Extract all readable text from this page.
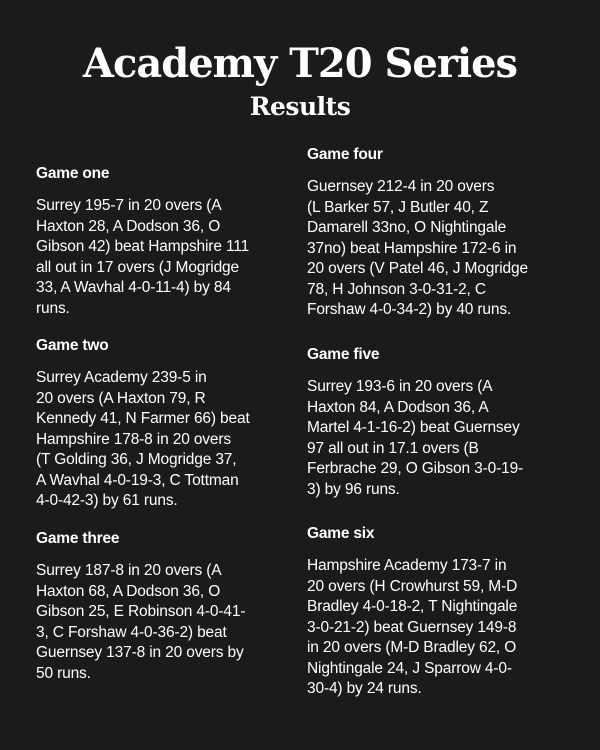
Academy T20 Series
Results
Game one

Surrey 195-7 in 20 overs (A
Haxton 28, A Dodson 36, O
Gibson 42) beat Hampshire 111
all out in 17 overs (J Mogridge
33, A Wavhal 4-0-11-4) by 84
runs.

Game two

Surrey Academy 239-5 in
20 overs (A Haxton 79, R
Kennedy 41, N Farmer 66) beat
Hampshire 178-8 in 20 overs
(T Golding 36, J Mogridge 37,
A Wavhal 4-0-19-3, C Tottman
4-0-42-3) by 61 runs.

Game three

Surrey 187-8 in 20 overs (A
Haxton 68, A Dodson 36, O
Gibson 25, E Robinson 4-0-41-
3, C Forshaw 4-0-36-2) beat
Guernsey 137-8 in 20 overs by
50 runs.

Game four

Guernsey 212-4 in 20 overs
(L Barker 57, J Butler 40, Z
Damarell 33no, O Nightingale
37no) beat Hampshire 172-6 in
20 overs (V Patel 46, J Mogridge
78, H Johnson 3-0-31-2, C
Forshaw 4-0-34-2) by 40 runs.

Game five

Surrey 193-6 in 20 overs (A
Haxton 84, A Dodson 36, A
Martel 4-1-16-2) beat Guernsey
97 all out in 17.1 overs (B
Ferbrache 29, O Gibson 3-0-19-
3) by 96 runs.

Game six

Hampshire Academy 173-7 in
20 overs (H Crowhurst 59, M-D
Bradley 4-0-18-2, T Nightingale
3-0-21-2) beat Guernsey 149-8
in 20 overs (M-D Bradley 62, O
Nightingale 24, J Sparrow 4-0-
30-4) by 24 runs.
